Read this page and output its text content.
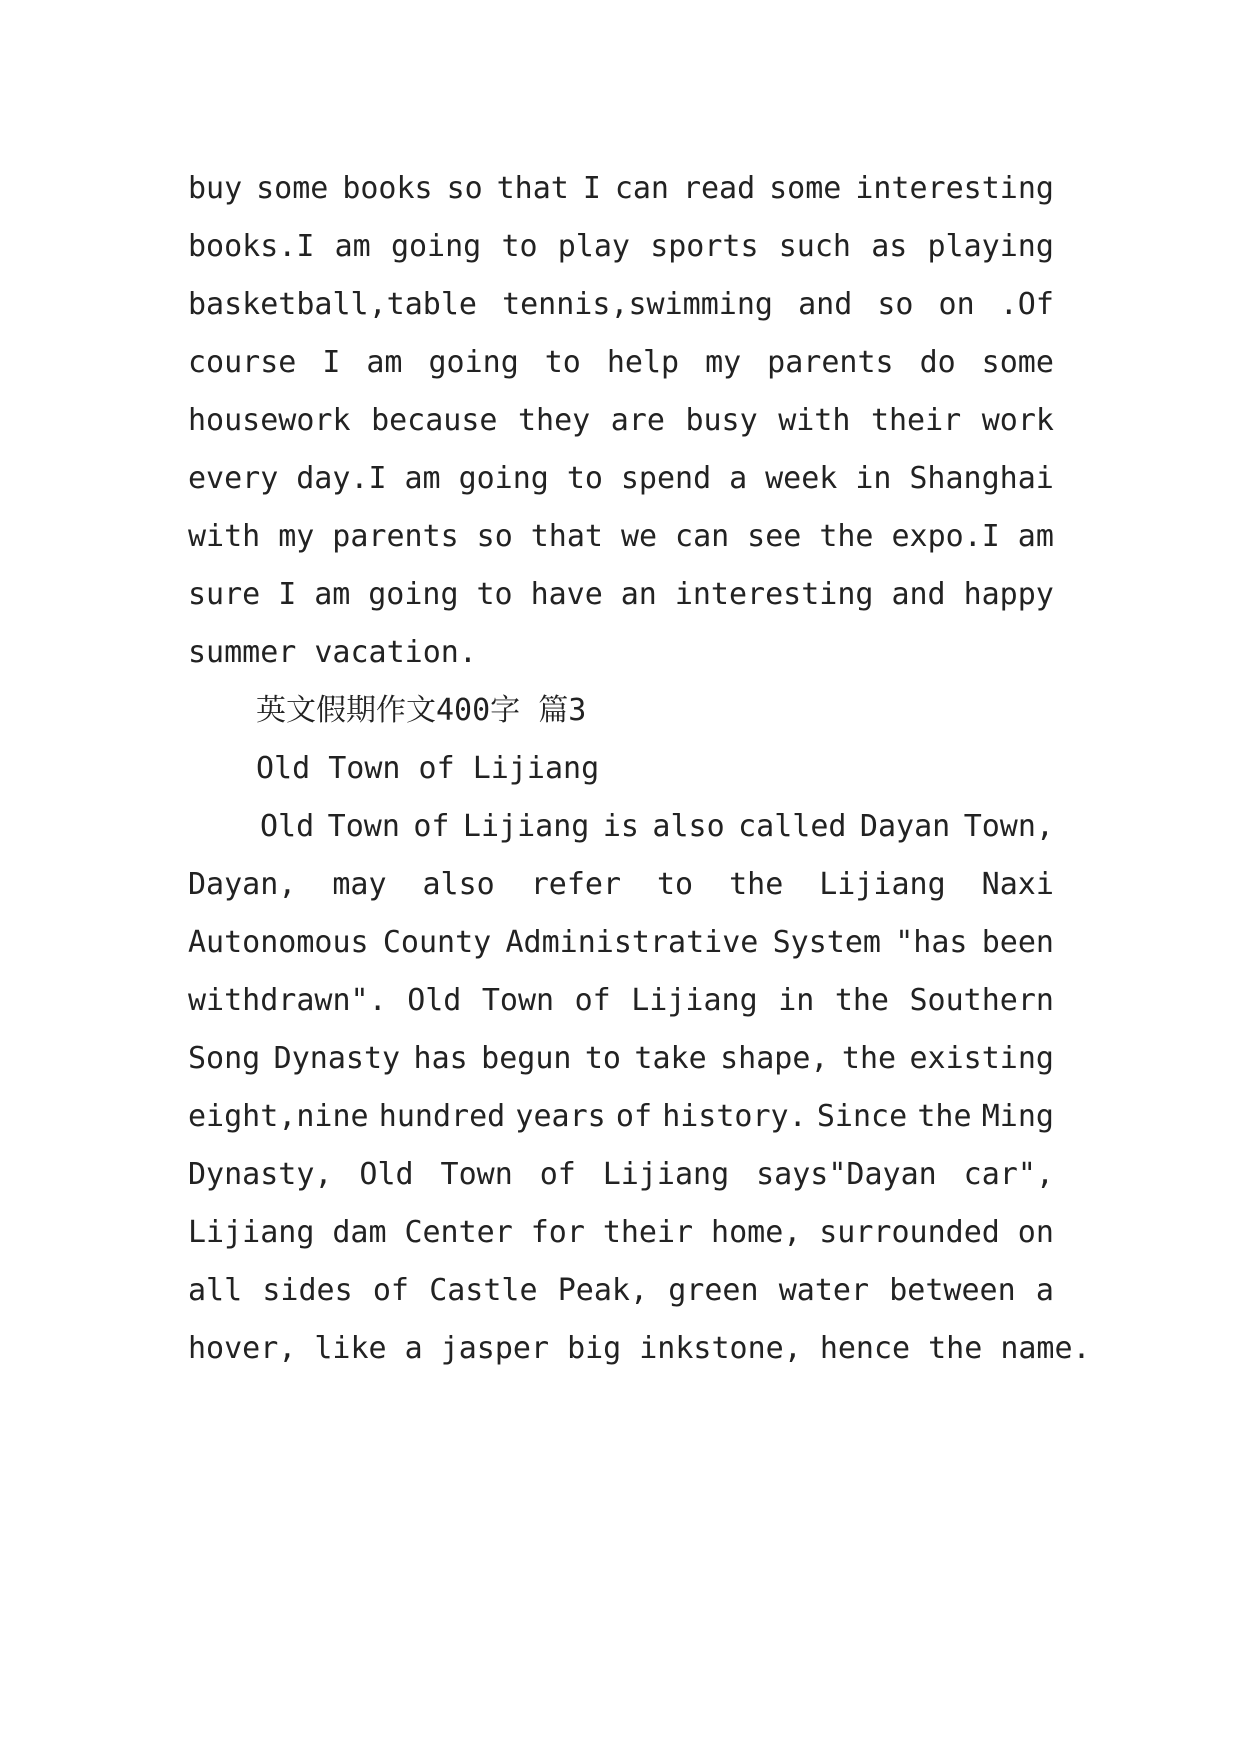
buy some books so that I can read some interesting
books.I am going to play sports such as playing
basketball,table tennis,swimming and so on .Of
course I am going to help my parents do some
housework because they are busy with their work
every day.I am going to spend a week in Shanghai
with my parents so that we can see the expo.I am
sure I am going to have an interesting and happy
summer vacation.
英文假期作文400字 篇3
Old Town of Lijiang
Old Town of Lijiang is also called Dayan Town,
Dayan, may also refer to the Lijiang Naxi
Autonomous County Administrative System "has been
withdrawn". Old Town of Lijiang in the Southern
Song Dynasty has begun to take shape, the existing
eight,nine hundred years of history. Since the Ming
Dynasty, Old Town of Lijiang says"Dayan car",
Lijiang dam Center for their home, surrounded on
all sides of Castle Peak, green water between a
hover, like a jasper big inkstone, hence the name.
